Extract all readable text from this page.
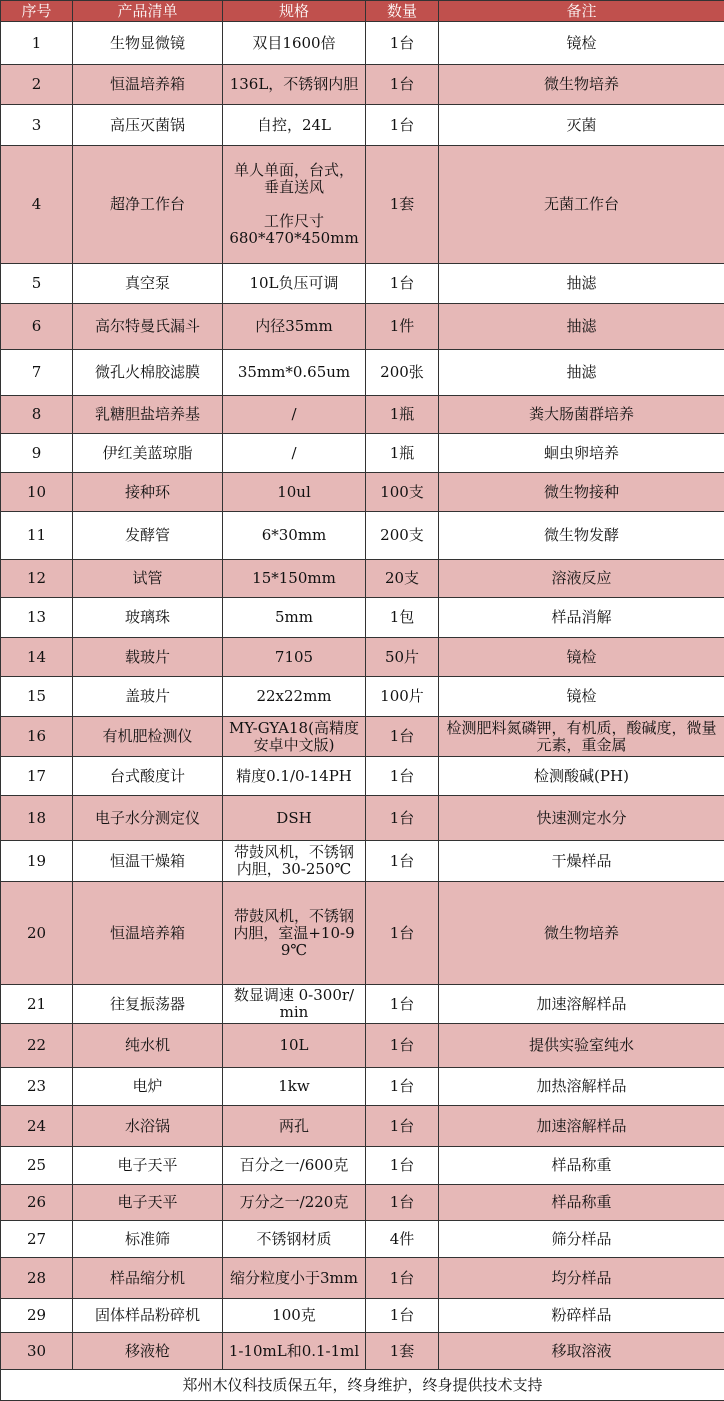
序号	产品清单	规格	数量	备注
1	生物显微镜	双目1600倍	1台	镜检
2	恒温培养箱	136L，不锈钢内胆	1台	微生物培养
3	高压灭菌锅	自控，24L	1台	灭菌
4	超净工作台	单人单面，台式，
垂直送风

工作尺寸
680*470*450mm	1套	无菌工作台
5	真空泵	10L负压可调	1台	抽滤
6	高尔特曼氏漏斗	内径35mm	1件	抽滤
7	微孔火棉胶滤膜	35mm*0.65um	200张	抽滤
8	乳糖胆盐培养基	/	1瓶	粪大肠菌群培养
9	伊红美蓝琼脂	/	1瓶	蛔虫卵培养
10	接种环	10ul	100支	微生物接种
11	发酵管	6*30mm	200支	微生物发酵
12	试管	15*150mm	20支	溶液反应
13	玻璃珠	5mm	1包	样品消解
14	载玻片	7105	50片	镜检
15	盖玻片	22x22mm	100片	镜检
16	有机肥检测仪	MY-GYA18(高精度安卓中文版)	1台	检测肥料氮磷钾，有机质，酸碱度，微量元素，重金属
17	台式酸度计	精度0.1/0-14PH	1台	检测酸碱(PH)
18	电子水分测定仪	DSH	1台	快速测定水分
19	恒温干燥箱	带鼓风机，不锈钢内胆，30-250℃	1台	干燥样品
20	恒温培养箱	带鼓风机，不锈钢内胆，室温+10-99℃	1台	微生物培养
21	往复振荡器	数显调速 0-300r/min	1台	加速溶解样品
22	纯水机	10L	1台	提供实验室纯水
23	电炉	1kw	1台	加热溶解样品
24	水浴锅	两孔	1台	加速溶解样品
25	电子天平	百分之一/600克	1台	样品称重
26	电子天平	万分之一/220克	1台	样品称重
27	标准筛	不锈钢材质	4件	筛分样品
28	样品缩分机	缩分粒度小于3mm	1台	均分样品
29	固体样品粉碎机	100克	1台	粉碎样品
30	移液枪	1-10mL和0.1-1ml	1套	移取溶液
郑州木仪科技质保五年，终身维护，终身提供技术支持				
